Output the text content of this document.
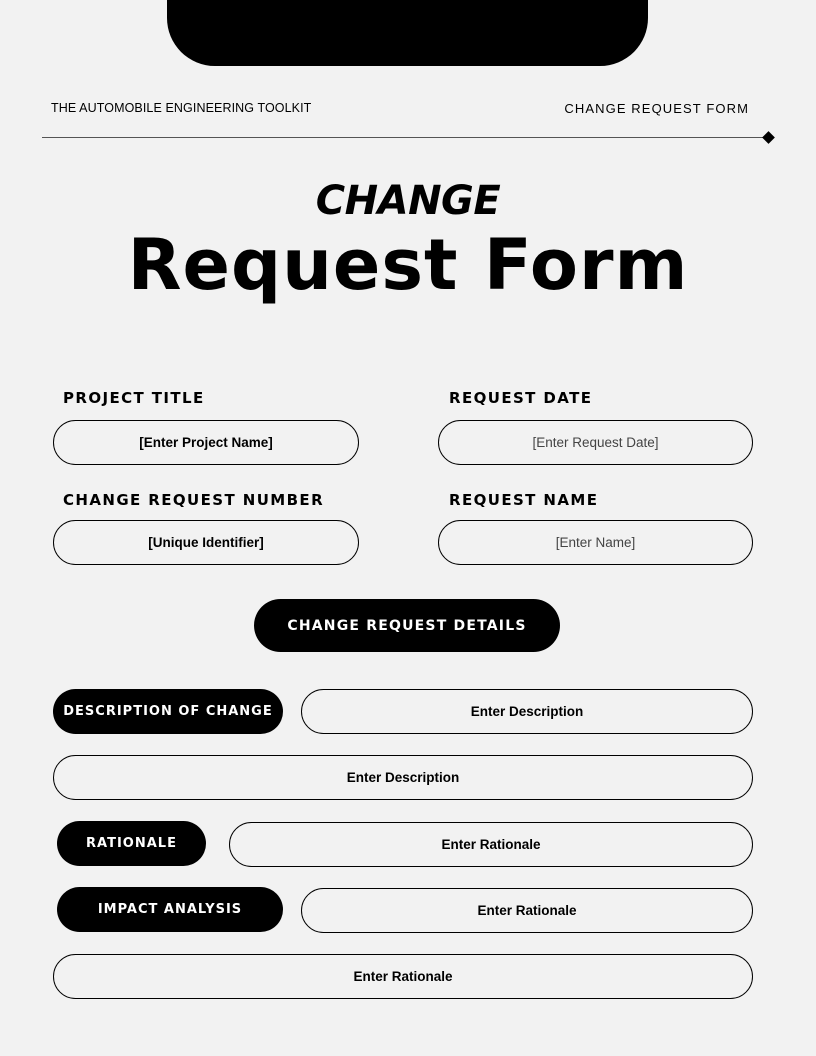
THE AUTOMOBILE ENGINEERING TOOLKIT	CHANGE REQUEST FORM
CHANGE
Request Form
PROJECT TITLE
[Enter Project Name]
REQUEST DATE
[Enter Request Date]
CHANGE REQUEST NUMBER
[Unique Identifier]
REQUEST NAME
[Enter Name]
CHANGE REQUEST DETAILS
DESCRIPTION OF CHANGE	Enter Description
Enter Description
RATIONALE	Enter Rationale
IMPACT ANALYSIS	Enter Rationale
Enter Rationale
